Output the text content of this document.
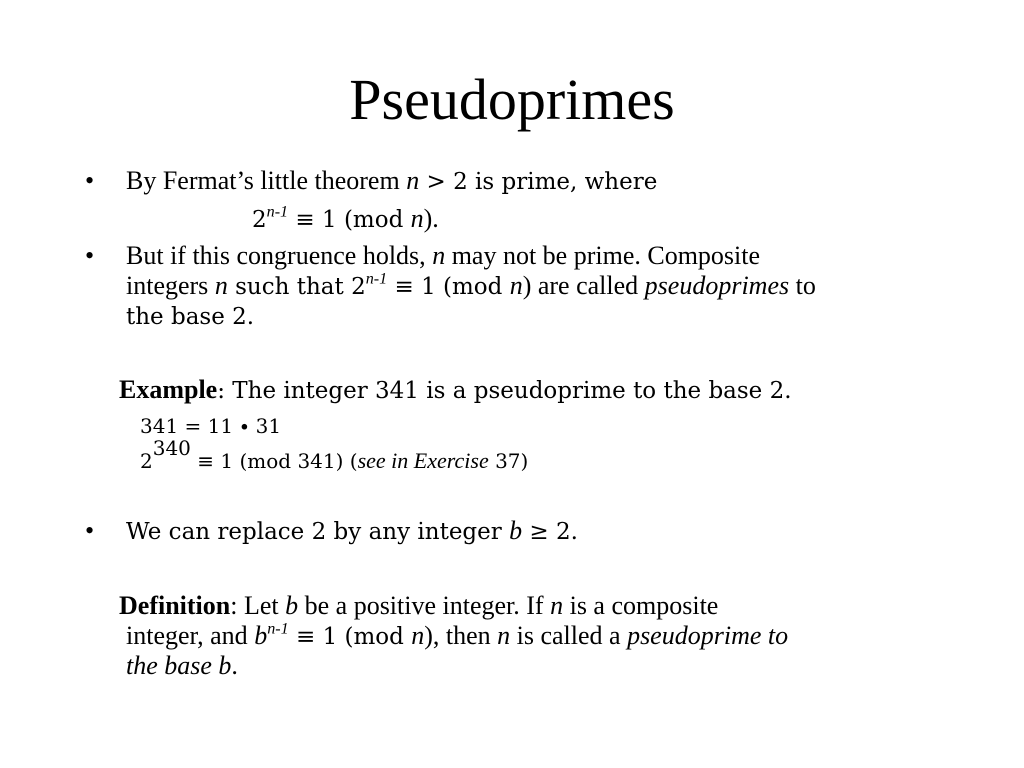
Pseudoprimes
• By Fermat’s little theorem n > 2 is prime, where
$2^{n-1} \equiv 1$ (mod n).
• But if this congruence holds, n may not be prime. Composite
integers n such that $2^{n-1} \equiv 1$ (mod n) are called pseudoprimes to
the base 2.
Example: The integer 341 is a pseudoprime to the base 2.
341 = 11 ∙ 31
$2^{340} \equiv 1$ (mod 341) (see in Exercise 37)
• We can replace 2 by any integer b ≥ 2.
Definition: Let b be a positive integer. If n is a composite
integer, and $b^{n-1} \equiv 1$ (mod n), then n is called a pseudoprime to
the base b.
